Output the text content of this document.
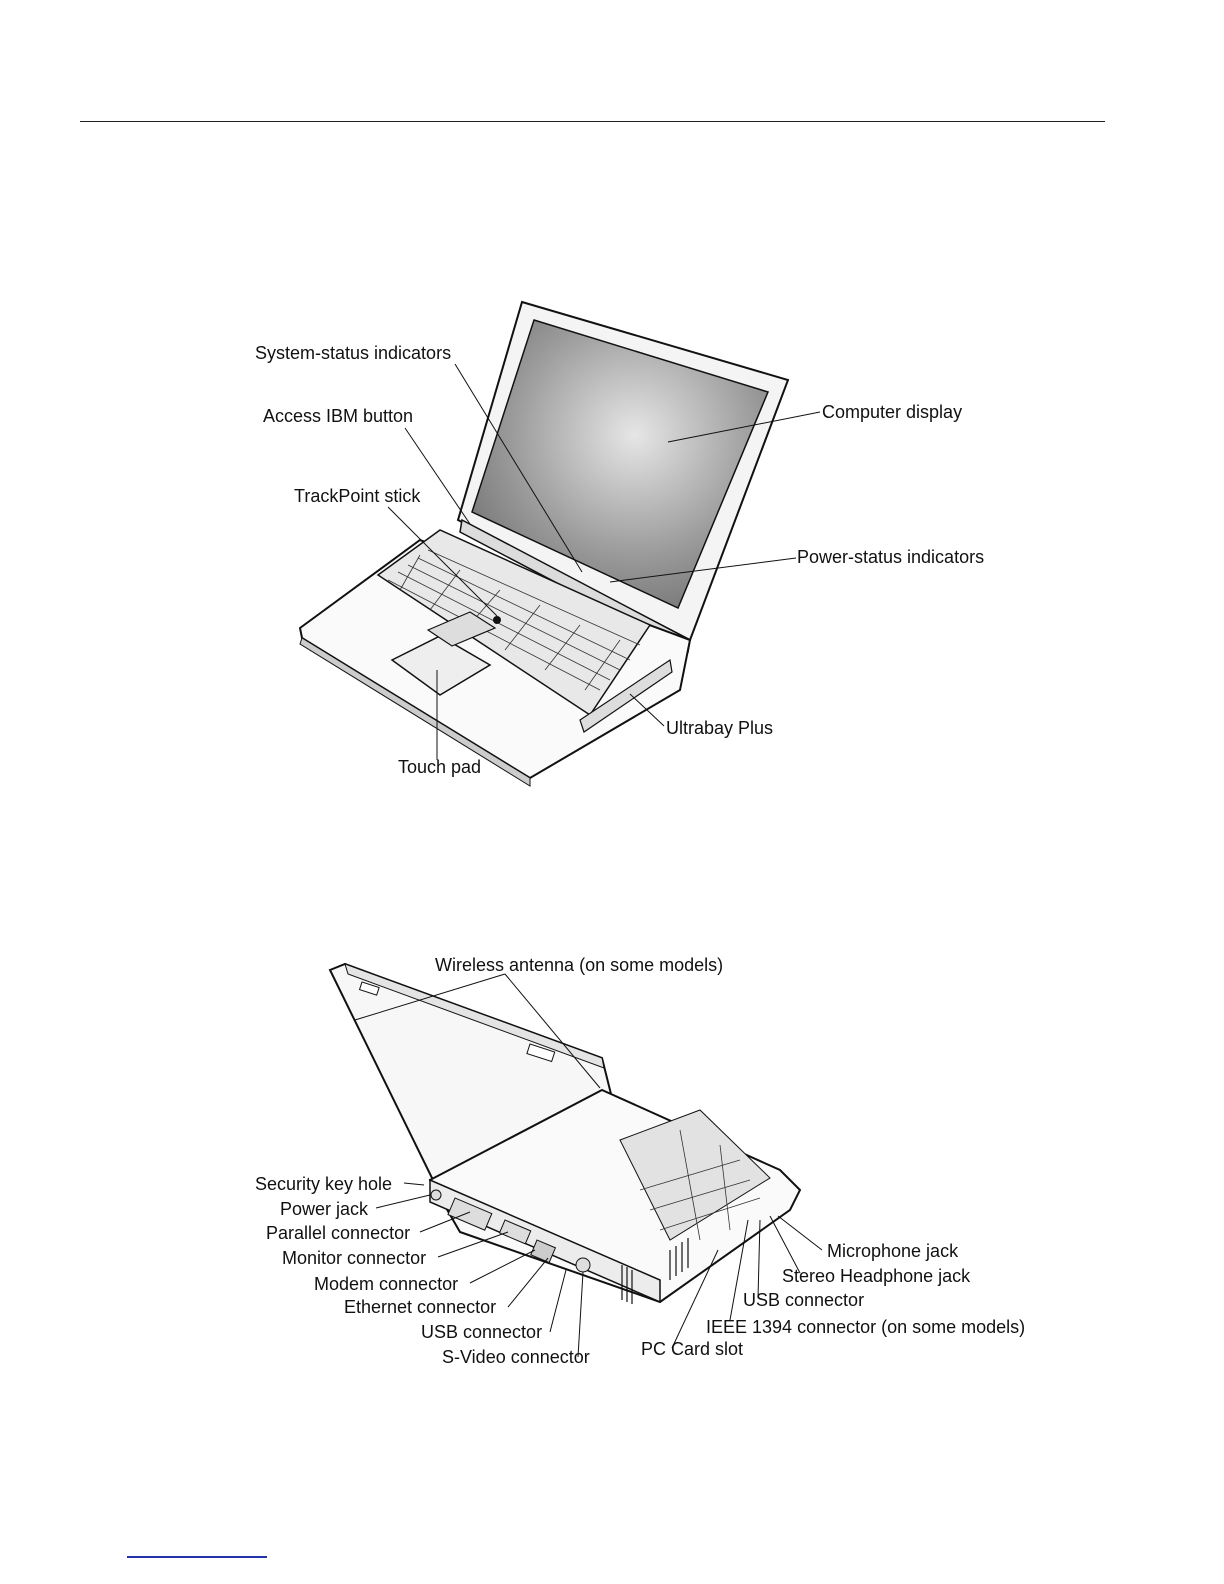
System-status indicators
Access IBM button
TrackPoint stick
Computer display
Power-status indicators
Ultrabay Plus
Touch pad
Wireless antenna (on some models)
Security key hole
Power jack
Parallel connector
Monitor connector
Modem connector
Ethernet connector
USB connector
S-Video connector	PC Card slot
IEEE 1394 connector (on some models)
USB connector
Stereo Headphone jack
Microphone jack
